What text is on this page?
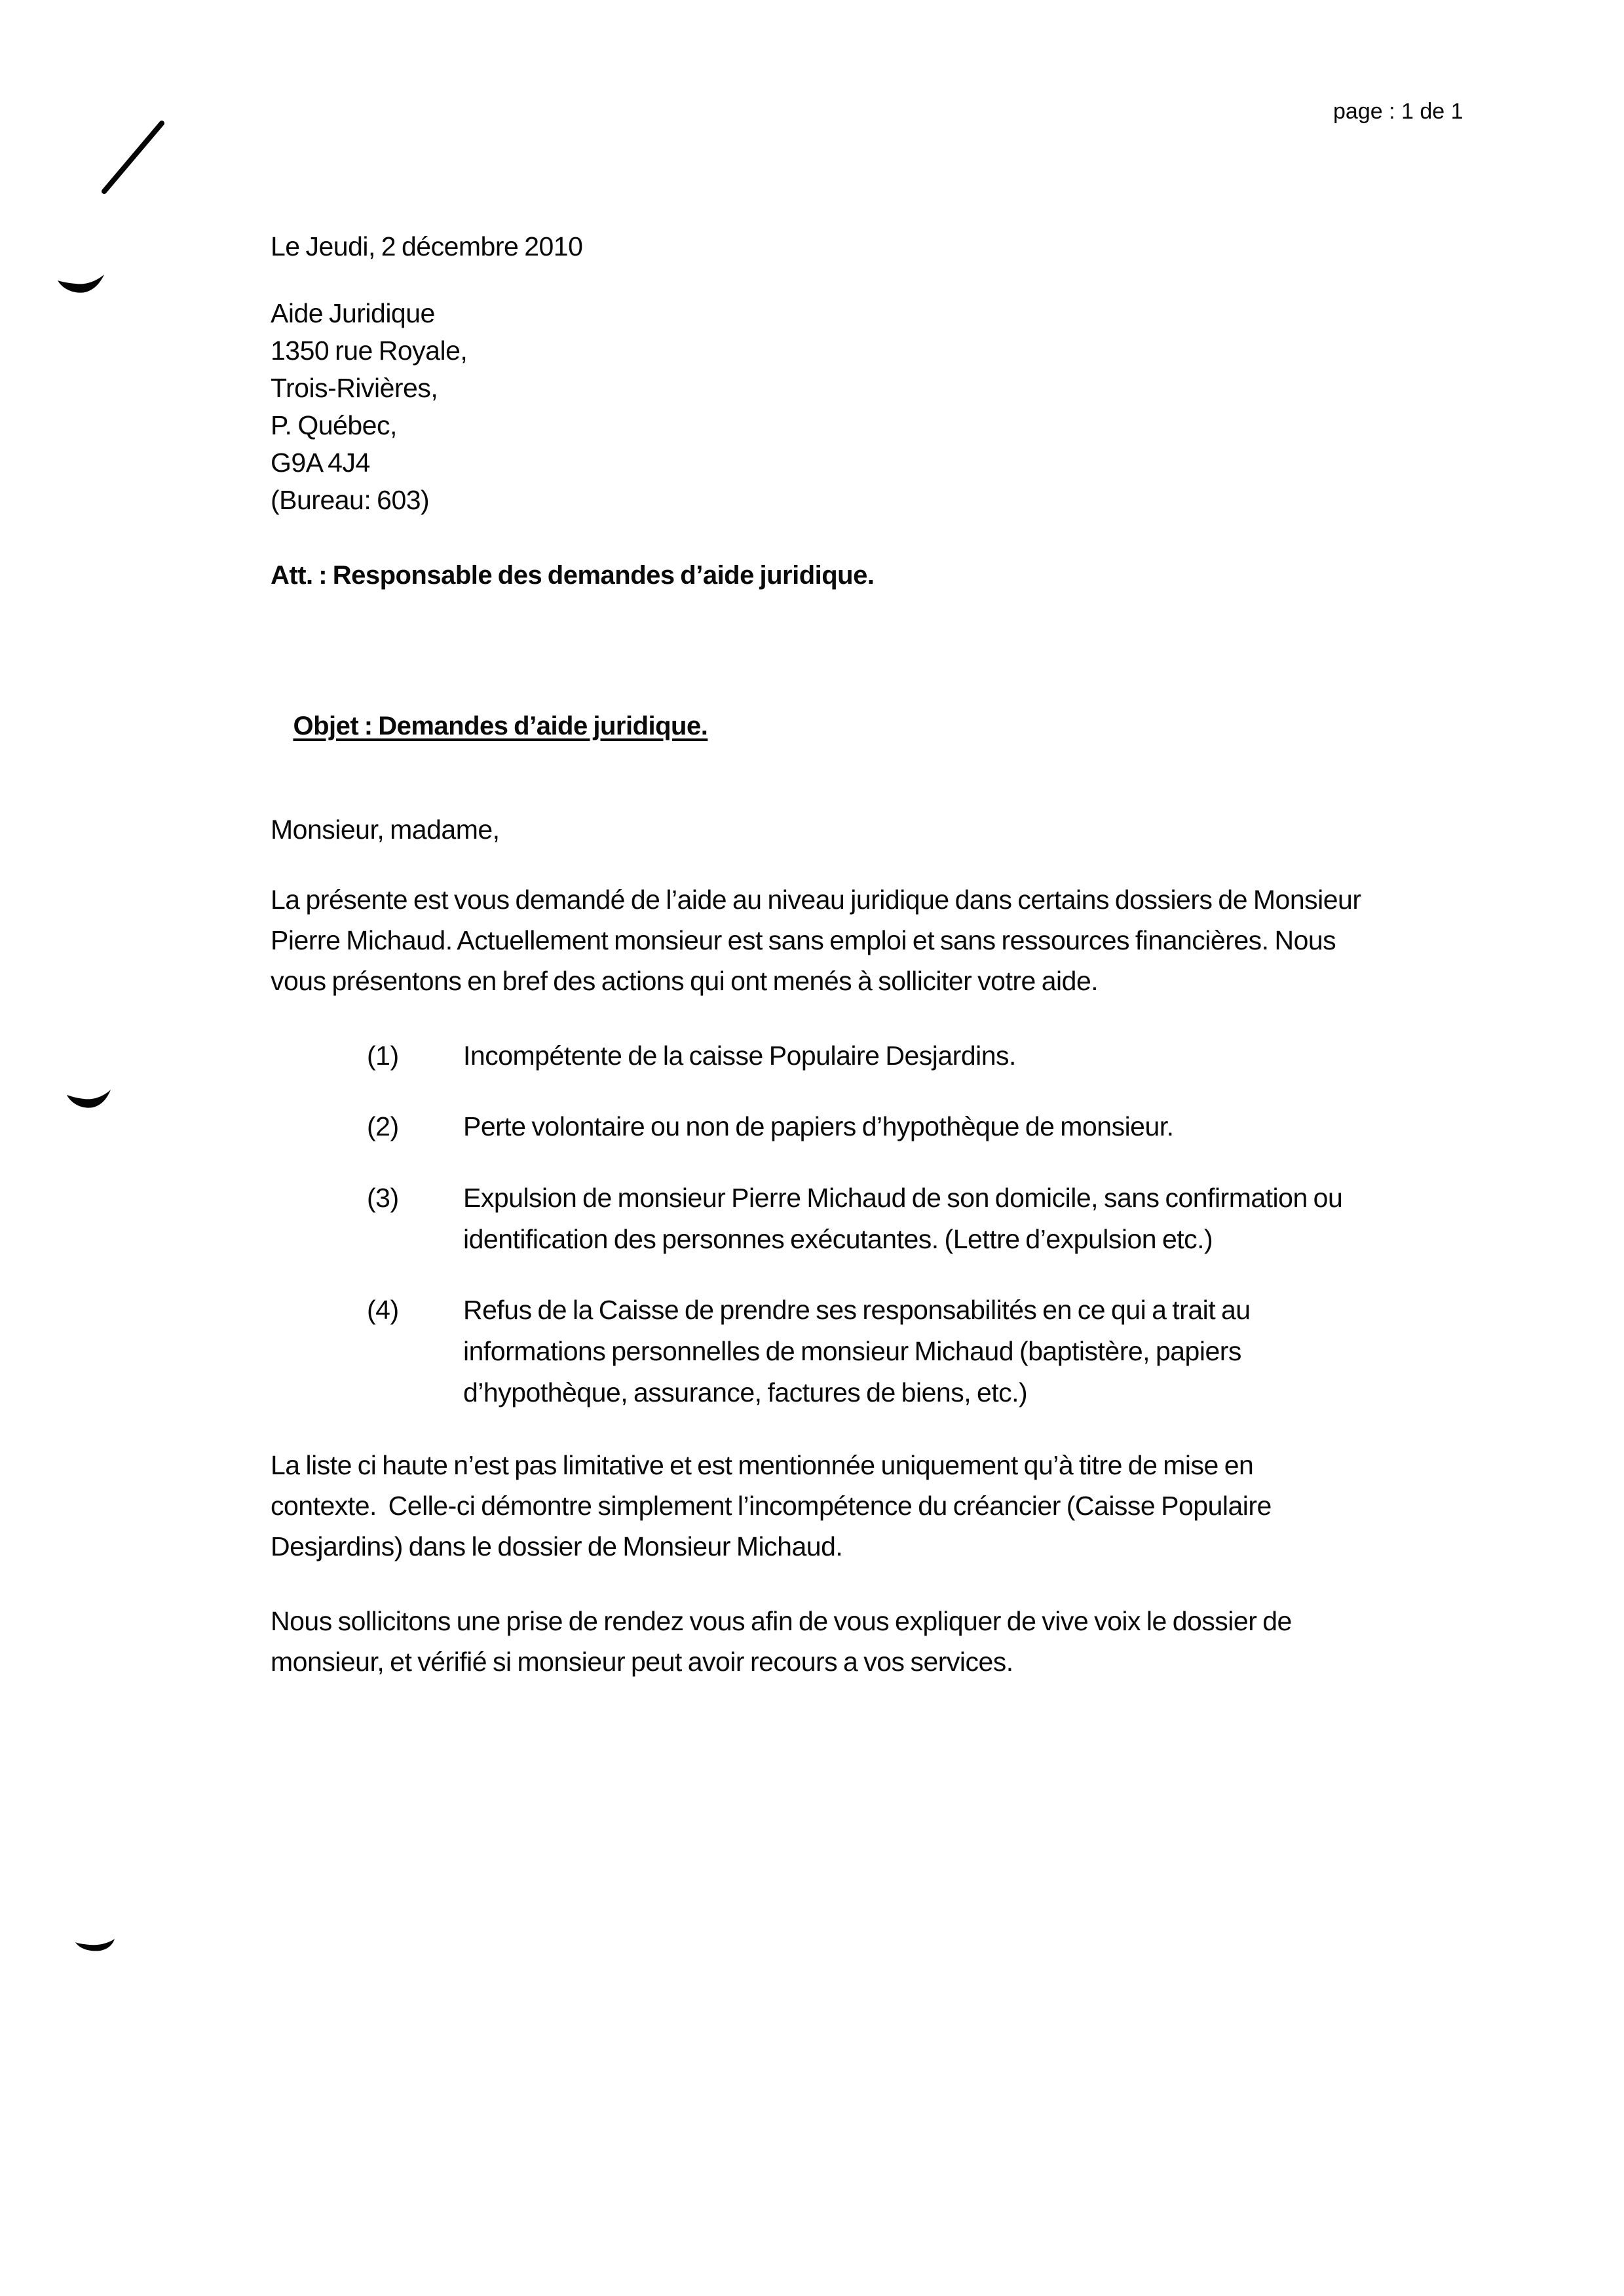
page : 1 de 1
Le Jeudi, 2 décembre 2010
Aide Juridique
1350 rue Royale,
Trois-Rivières,
P. Québec,
G9A 4J4
(Bureau: 603)
Att. : Responsable des demandes d’aide juridique.

Objet : Demandes d’aide juridique.

Monsieur, madame,
La présente est vous demandé de l’aide au niveau juridique dans certains dossiers de Monsieur
Pierre Michaud. Actuellement monsieur est sans emploi et sans ressources financières. Nous
vous présentons en bref des actions qui ont menés à solliciter votre aide.
(1) Incompétente de la caisse Populaire Desjardins.
(2) Perte volontaire ou non de papiers d’hypothèque de monsieur.
(3) Expulsion de monsieur Pierre Michaud de son domicile, sans confirmation ou
identification des personnes exécutantes. (Lettre d’expulsion etc.)
(4) Refus de la Caisse de prendre ses responsabilités en ce qui a trait au
informations personnelles de monsieur Michaud (baptistère, papiers
d’hypothèque, assurance, factures de biens, etc.)
La liste ci haute n’est pas limitative et est mentionnée uniquement qu’à titre de mise en
contexte.  Celle-ci démontre simplement l’incompétence du créancier (Caisse Populaire
Desjardins) dans le dossier de Monsieur Michaud.
Nous sollicitons une prise de rendez vous afin de vous expliquer de vive voix le dossier de
monsieur, et vérifié si monsieur peut avoir recours a vos services.
